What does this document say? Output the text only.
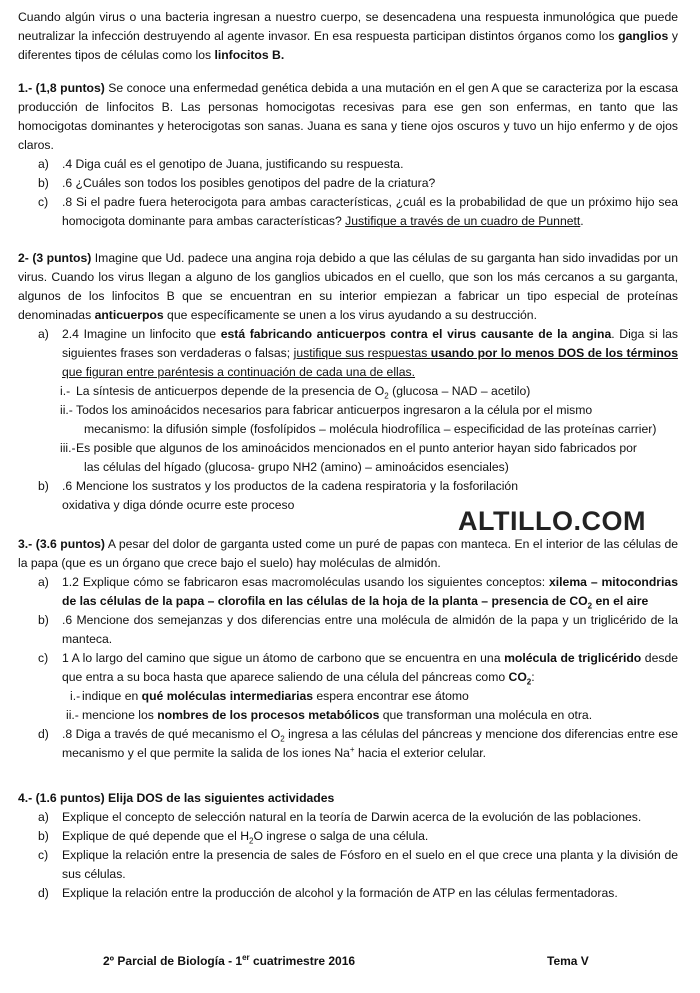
Cuando algún virus o una bacteria ingresan a nuestro cuerpo, se desencadena una respuesta inmunológica que puede neutralizar la infección destruyendo al agente invasor. En esa respuesta participan distintos órganos como los ganglios y diferentes tipos de células como los linfocitos B.

1.- (1,8 puntos) Se conoce una enfermedad genética debida a una mutación en el gen A que se caracteriza por la escasa producción de linfocitos B. Las personas homocigotas recesivas para ese gen son enfermas, en tanto que las homocigotas dominantes y heterocigotas son sanas. Juana es sana y tiene ojos oscuros y tuvo un hijo enfermo y de ojos claros.

a) .4 Diga cuál es el genotipo de Juana, justificando su respuesta.
b) .6 ¿Cuáles son todos los posibles genotipos del padre de la criatura?
c) .8 Si el padre fuera heterocigota para ambas características, ¿cuál es la probabilidad de que un próximo hijo sea homocigota dominante para ambas características? Justifique a través de un cuadro de Punnett.

2- (3 puntos) Imagine que Ud. padece una angina roja debido a que las células de su garganta han sido invadidas por un virus. Cuando los virus llegan a alguno de los ganglios ubicados en el cuello, que son los más cercanos a su garganta, algunos de los linfocitos B que se encuentran en su interior empiezan a fabricar un tipo especial de proteínas denominadas anticuerpos que específicamente se unen a los virus ayudando a su destrucción.

a) 2.4 Imagine un linfocito que está fabricando anticuerpos contra el virus causante de la angina. Diga si las siguientes frases son verdaderas o falsas; justifique sus respuestas usando por lo menos DOS de los términos que figuran entre paréntesis a continuación de cada una de ellas.
i.- La síntesis de anticuerpos depende de la presencia de $O_2$ (glucosa – NAD – acetilo)
ii.- Todos los aminoácidos necesarios para fabricar anticuerpos ingresaron a la célula por el mismo
mecanismo: la difusión simple (fosfolípidos – molécula hiodrofílica – especificidad de las proteínas carrier)
iii.- Es posible que algunos de los aminoácidos mencionados en el punto anterior hayan sido fabricados por
las células del hígado (glucosa- grupo NH2 (amino) – aminoácidos esenciales)
b) .6 Mencione los sustratos y los productos de la cadena respiratoria y la fosforilación oxidativa y diga dónde ocurre este proceso

3.- (3.6 puntos) A pesar del dolor de garganta usted come un puré de papas con manteca. En el interior de las células de la papa (que es un órgano que crece bajo el suelo) hay moléculas de almidón.

a) 1.2 Explique cómo se fabricaron esas macromoléculas usando los siguientes conceptos: xilema – mitocondrias de las células de la papa – clorofila en las células de la hoja de la planta – presencia de $CO_2$ en el aire
b) .6 Mencione dos semejanzas y dos diferencias entre una molécula de almidón de la papa y un triglicérido de la manteca.
c) 1 A lo largo del camino que sigue un átomo de carbono que se encuentra en una molécula de triglicérido desde que entra a su boca hasta que aparece saliendo de una célula del páncreas como $CO_2$:
i.- indique en qué moléculas intermediarias espera encontrar ese átomo
ii.- mencione los nombres de los procesos metabólicos que transforman una molécula en otra.
d) .8 Diga a través de qué mecanismo el $O_2$ ingresa a las células del páncreas y mencione dos diferencias entre ese mecanismo y el que permite la salida de los iones Na+ hacia el exterior celular.

4.- (1.6 puntos) Elija DOS de las siguientes actividades

a) Explique el concepto de selección natural en la teoría de Darwin acerca de la evolución de las poblaciones.
b) Explique de qué depende que el $H_2O$ ingrese o salga de una célula.
c) Explique la relación entre la presencia de sales de Fósforo en el suelo en el que crece una planta y la división de sus células.
d) Explique la relación entre la producción de alcohol y la formación de ATP en las células fermentadoras.
ALTILLO.COM
2º Parcial de Biología - 1er cuatrimestre 2016	Tema V
